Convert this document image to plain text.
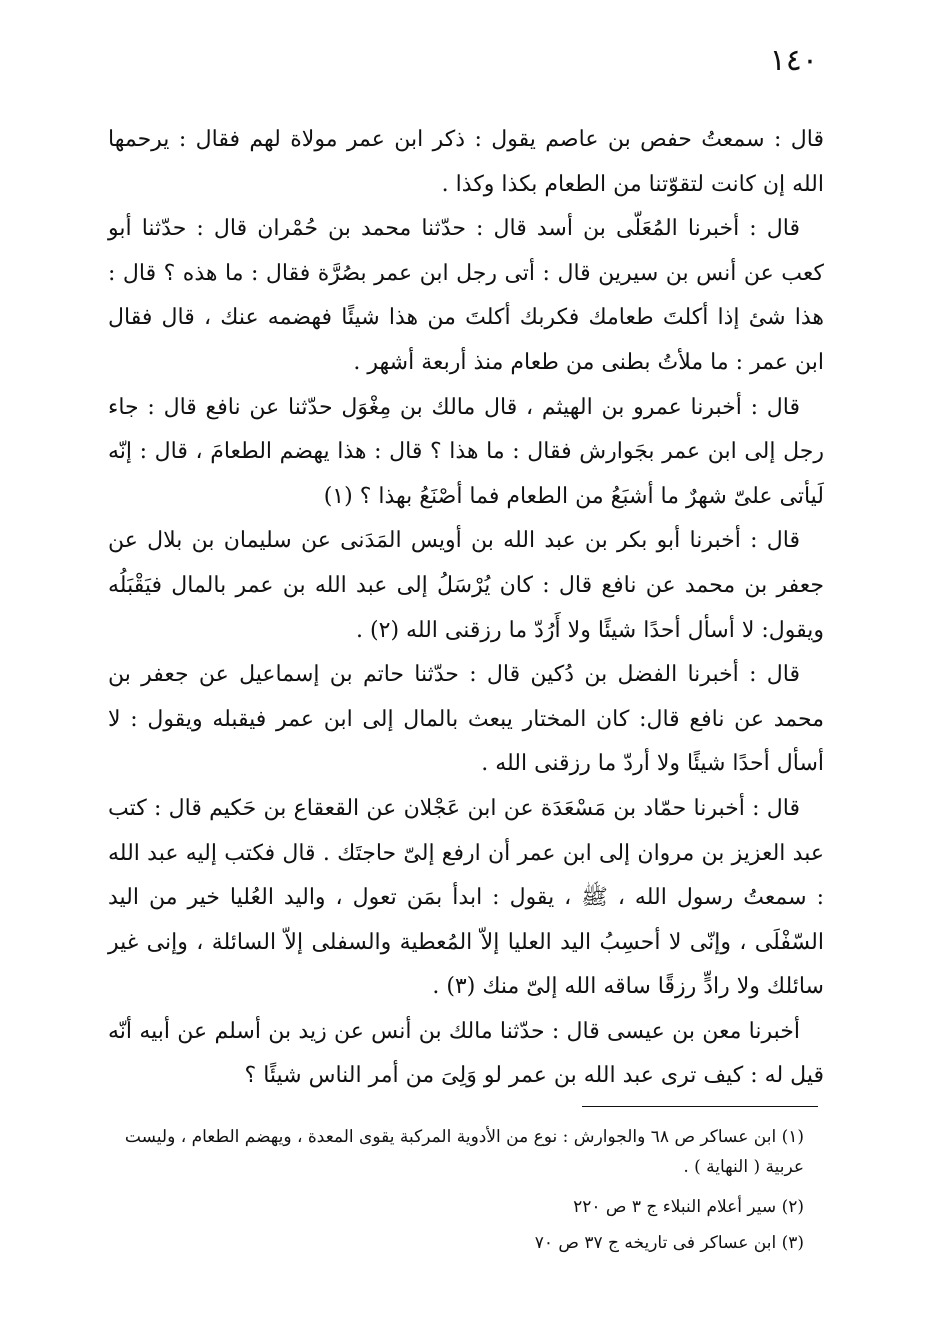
١٤٠

قال : سمعتُ حفص بن عاصم يقول : ذكر ابن عمر مولاة لهم فقال : يرحمها الله إن كانت لتقوّتنا من الطعام بكذا وكذا .

قال : أخبرنا المُعَلّى بن أسد قال : حدّثنا محمد بن حُمْران قال : حدّثنا أبو كعب عن أنس بن سيرين قال : أتى رجل ابن عمر بصُرَّة فقال : ما هذه ؟ قال : هذا شئ إذا أكلتَ طعامك فكربك أكلتَ من هذا شيئًا فهضمه عنك ، قال فقال ابن عمر : ما ملأتُ بطنى من طعام منذ أربعة أشهر .

قال : أخبرنا عمرو بن الهيثم ، قال مالك بن مِغْوَل حدّثنا عن نافع قال : جاء رجل إلى ابن عمر بجَوارش فقال : ما هذا ؟ قال : هذا يهضم الطعامَ ، قال : إنّه لَيأتى علىّ شهرٌ ما أشبَعُ من الطعام فما أصْنَعُ بهذا ؟ (١)

قال : أخبرنا أبو بكر بن عبد الله بن أويس المَدَنى عن سليمان بن بلال عن جعفر بن محمد عن نافع قال : كان يُرْسَلُ إلى عبد الله بن عمر بالمال فيَقْبَلُه ويقول: لا أسأل أحدًا شيئًا ولا أَرُدّ ما رزقنى الله (٢) .

قال : أخبرنا الفضل بن دُكين قال : حدّثنا حاتم بن إسماعيل عن جعفر بن محمد عن نافع قال: كان المختار يبعث بالمال إلى ابن عمر فيقبله ويقول : لا أسأل أحدًا شيئًا ولا أردّ ما رزقنى الله .

قال : أخبرنا حمّاد بن مَسْعَدَة عن ابن عَجْلان عن القعقاع بن حَكيم قال : كتب عبد العزيز بن مروان إلى ابن عمر أن ارفع إلىّ حاجتَك . قال فكتب إليه عبد الله : سمعتُ رسول الله ، ﷺ ، يقول : ابدأ بمَن تعول ، واليد العُليا خير من اليد السّفْلَى ، وإنّى لا أحسِبُ اليد العليا إلاّ المُعطية والسفلى إلاّ السائلة ، وإنى غير سائلك ولا رادٍّ رزقًا ساقه الله إلىّ منك (٣) .

أخبرنا معن بن عيسى قال : حدّثنا مالك بن أنس عن زيد بن أسلم عن أبيه أنّه قيل له : كيف ترى عبد الله بن عمر لو وَلِىَ من أمر الناس شيئًا ؟

(١) ابن عساكر ص ٦٨ والجوارش : نوع من الأدوية المركبة يقوى المعدة ، ويهضم الطعام ، وليست عربية ( النهاية ) .

(٢) سير أعلام النبلاء ج ٣ ص ٢٢٠

(٣) ابن عساكر فى تاريخه ج ٣٧ ص ٧٠
